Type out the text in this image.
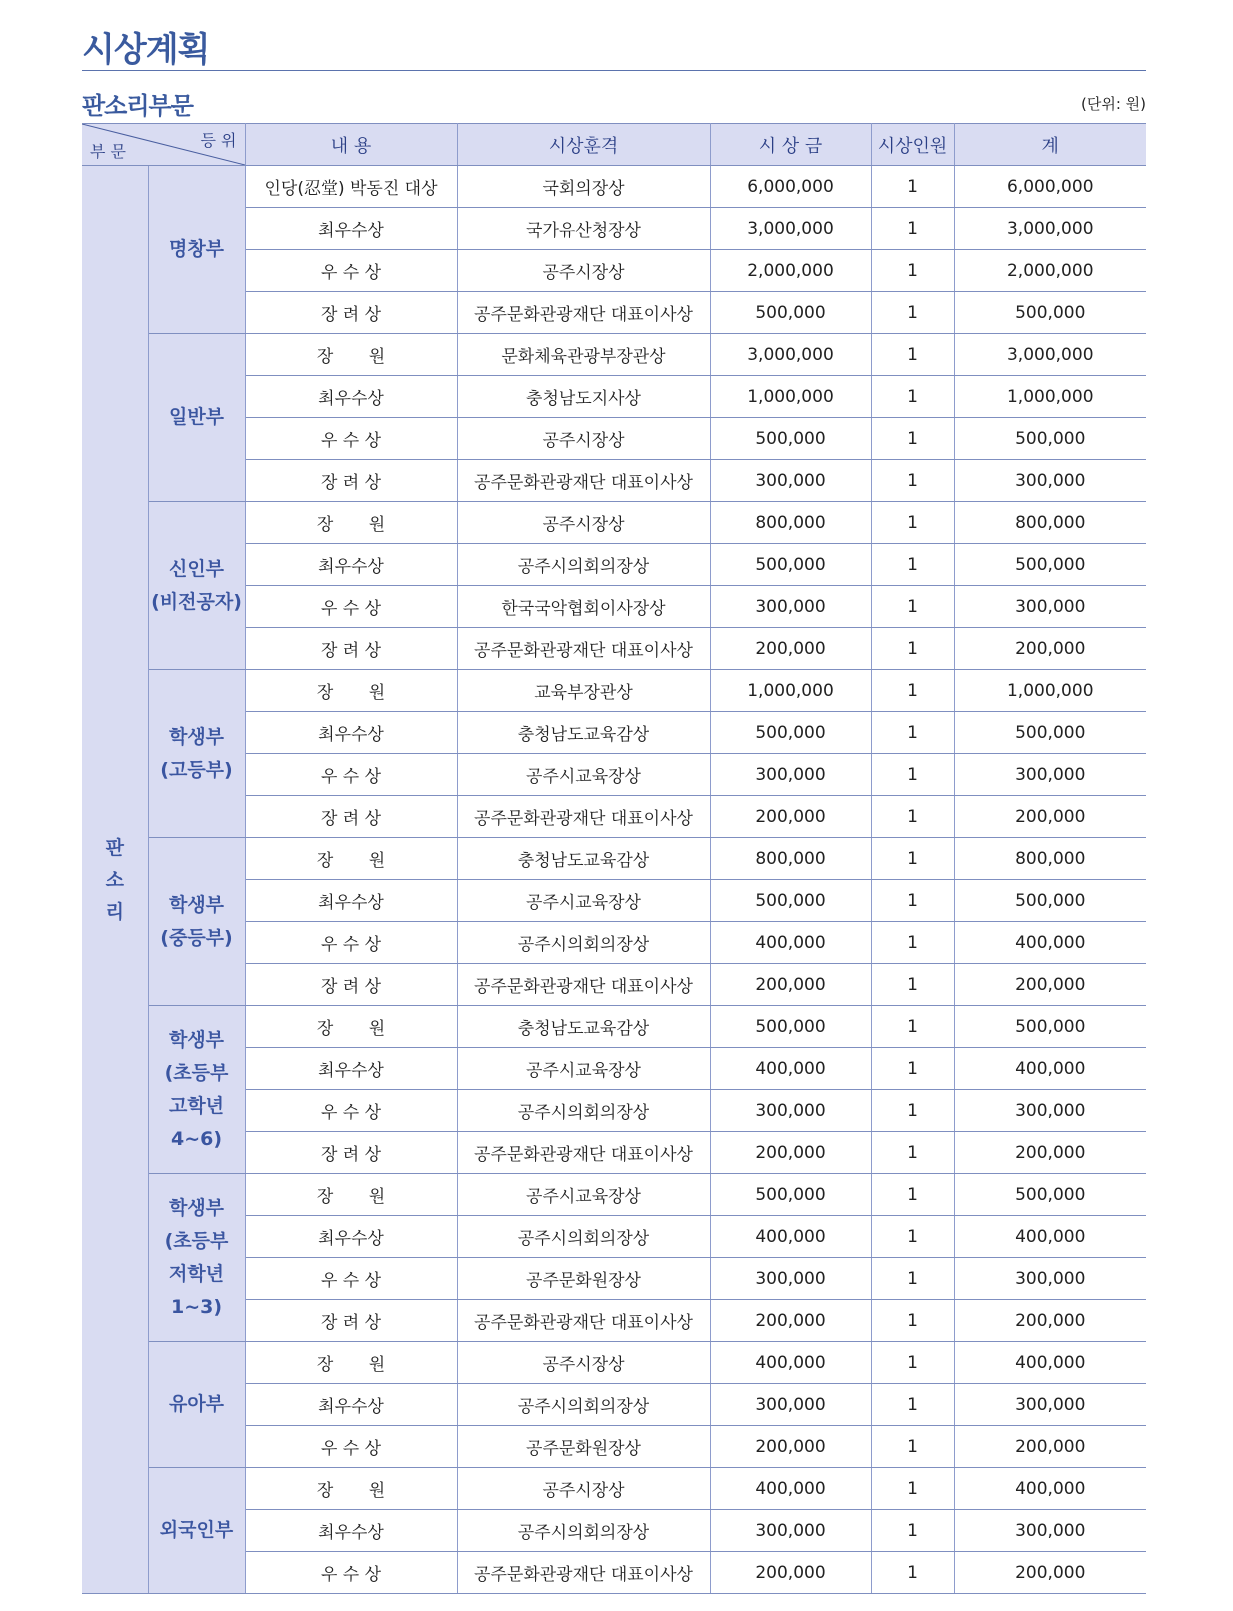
시상계획
판소리부문	(단위: 원)
등 위
부 문		내 용	시상훈격	시 상 금	시상인원	계

판
소
리	명창부	인당(忍堂) 박동진 대상	국회의장상	6,000,000	1	6,000,000
		최우수상	국가유산청장상	3,000,000	1	3,000,000
		우 수 상	공주시장상	2,000,000	1	2,000,000
		장 려 상	공주문화관광재단 대표이사상	500,000	1	500,000

	일반부	장 원	문화체육관광부장관상	3,000,000	1	3,000,000
		최우수상	충청남도지사상	1,000,000	1	1,000,000
		우 수 상	공주시장상	500,000	1	500,000
		장 려 상	공주문화관광재단 대표이사상	300,000	1	300,000

	신인부
(비전공자)	장 원	공주시장상	800,000	1	800,000
		최우수상	공주시의회의장상	500,000	1	500,000
		우 수 상	한국국악협회이사장상	300,000	1	300,000
		장 려 상	공주문화관광재단 대표이사상	200,000	1	200,000

	학생부
(고등부)	장 원	교육부장관상	1,000,000	1	1,000,000
		최우수상	충청남도교육감상	500,000	1	500,000
		우 수 상	공주시교육장상	300,000	1	300,000
		장 려 상	공주문화관광재단 대표이사상	200,000	1	200,000

	학생부
(중등부)	장 원	충청남도교육감상	800,000	1	800,000
		최우수상	공주시교육장상	500,000	1	500,000
		우 수 상	공주시의회의장상	400,000	1	400,000
		장 려 상	공주문화관광재단 대표이사상	200,000	1	200,000

	학생부
(초등부
고학년
4~6)	장 원	충청남도교육감상	500,000	1	500,000
		최우수상	공주시교육장상	400,000	1	400,000
		우 수 상	공주시의회의장상	300,000	1	300,000
		장 려 상	공주문화관광재단 대표이사상	200,000	1	200,000

	학생부
(초등부
저학년
1~3)	장 원	공주시교육장상	500,000	1	500,000
		최우수상	공주시의회의장상	400,000	1	400,000
		우 수 상	공주문화원장상	300,000	1	300,000
		장 려 상	공주문화관광재단 대표이사상	200,000	1	200,000

	유아부	장 원	공주시장상	400,000	1	400,000
		최우수상	공주시의회의장상	300,000	1	300,000
		우 수 상	공주문화원장상	200,000	1	200,000

	외국인부	장 원	공주시장상	400,000	1	400,000
		최우수상	공주시의회의장상	300,000	1	300,000
		우 수 상	공주문화관광재단 대표이사상	200,000	1	200,000
